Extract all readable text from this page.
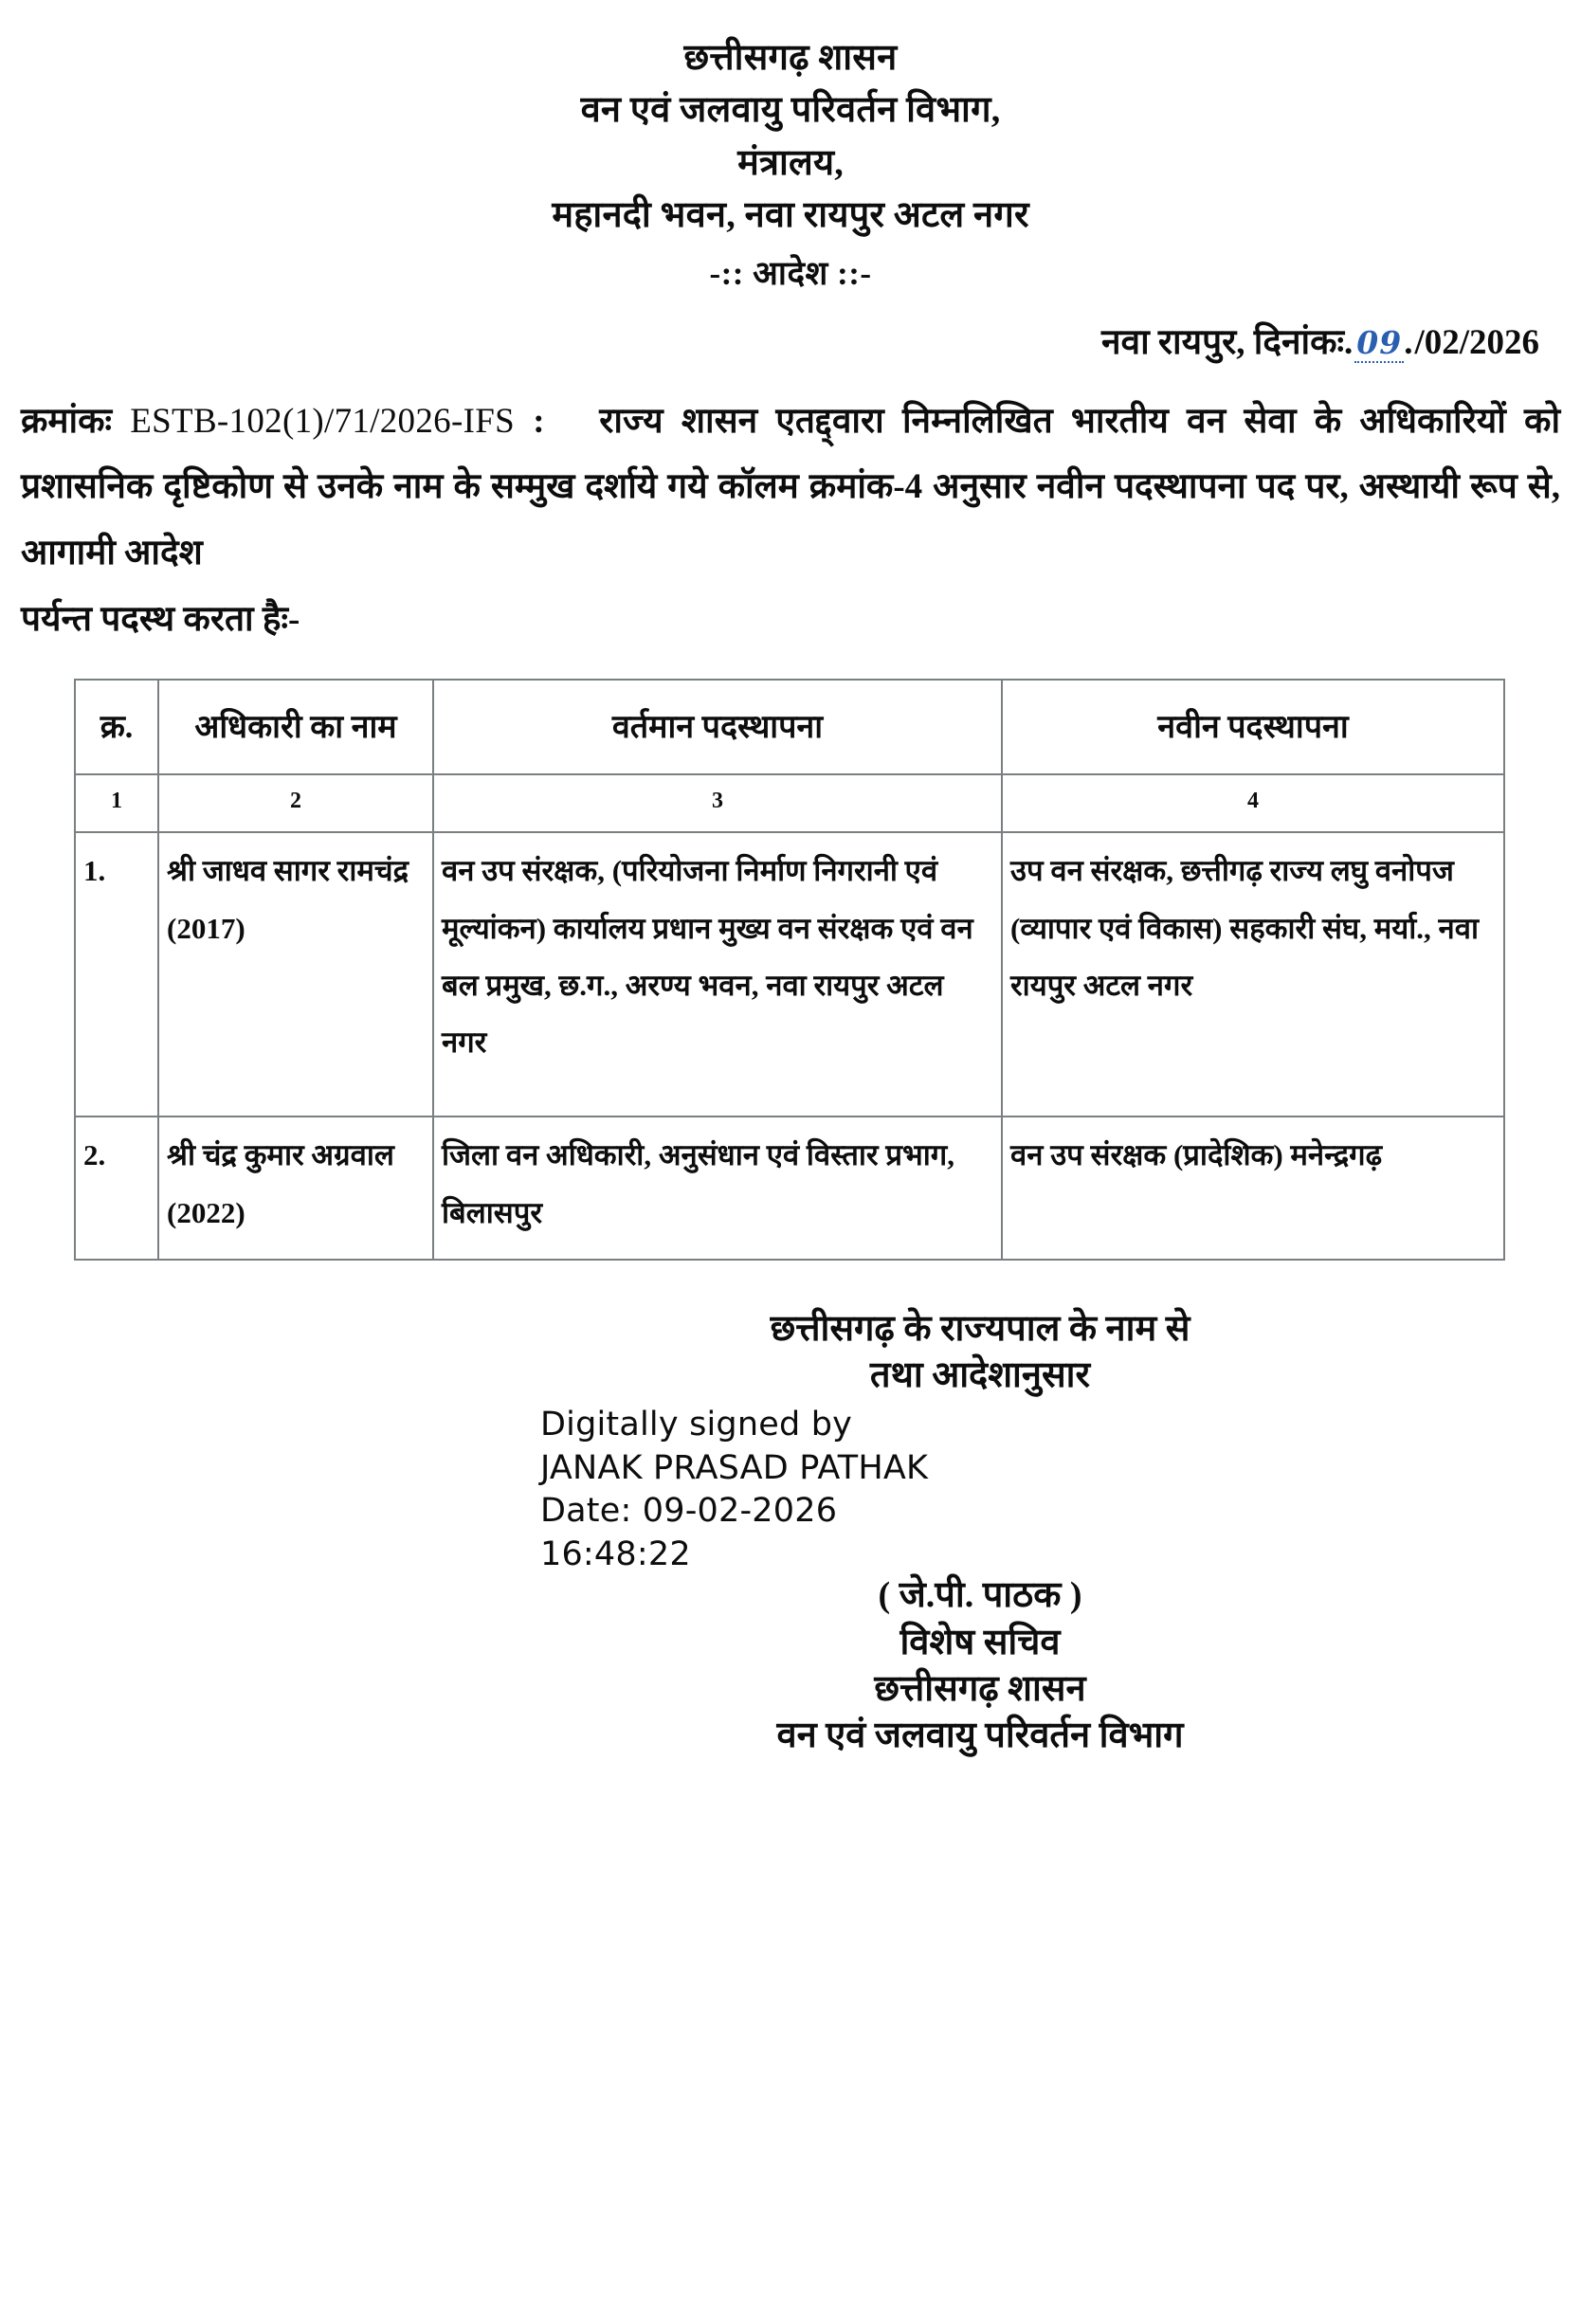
छत्तीसगढ़ शासन
वन एवं जलवायु परिवर्तन विभाग,
मंत्रालय,
महानदी भवन, नवा रायपुर अटल नगर
-:: आदेश ::-
नवा रायपुर, दिनांकः.09./02/2026
क्रमांकः ESTB-102(1)/71/2026-IFS : राज्य शासन एतद्द्वारा निम्नलिखित भारतीय वन सेवा के अधिकारियों को प्रशासनिक दृष्टिकोण से उनके नाम के सम्मुख दर्शाये गये कॉलम क्रमांक-4 अनुसार नवीन पदस्थापना पद पर, अस्थायी रूप से, आगामी आदेश
पर्यन्त पदस्थ करता हैः-
क्र.	अधिकारी का नाम	वर्तमान पदस्थापना	नवीन पदस्थापना
1	2	3	4
1.	श्री जाधव सागर रामचंद्र (2017)	वन उप संरक्षक, (परियोजना निर्माण निगरानी एवं मूल्यांकन) कार्यालय प्रधान मुख्य वन संरक्षक एवं वन बल प्रमुख, छ.ग., अरण्य भवन, नवा रायपुर अटल नगर	उप वन संरक्षक, छत्तीगढ़ राज्य लघु वनोपज (व्यापार एवं विकास) सहकारी संघ, मर्या., नवा रायपुर अटल नगर
2.	श्री चंद्र कुमार अग्रवाल (2022)	जिला वन अधिकारी, अनुसंधान एवं विस्तार प्रभाग, बिलासपुर	वन उप संरक्षक (प्रादेशिक) मनेन्द्रगढ़
छत्तीसगढ़ के राज्यपाल के नाम से
तथा आदेशानुसार
Digitally signed by
JANAK PRASAD PATHAK
Date: 09-02-2026
16:48:22
( जे.पी. पाठक )
विशेष सचिव
छत्तीसगढ़ शासन
वन एवं जलवायु परिवर्तन विभाग
